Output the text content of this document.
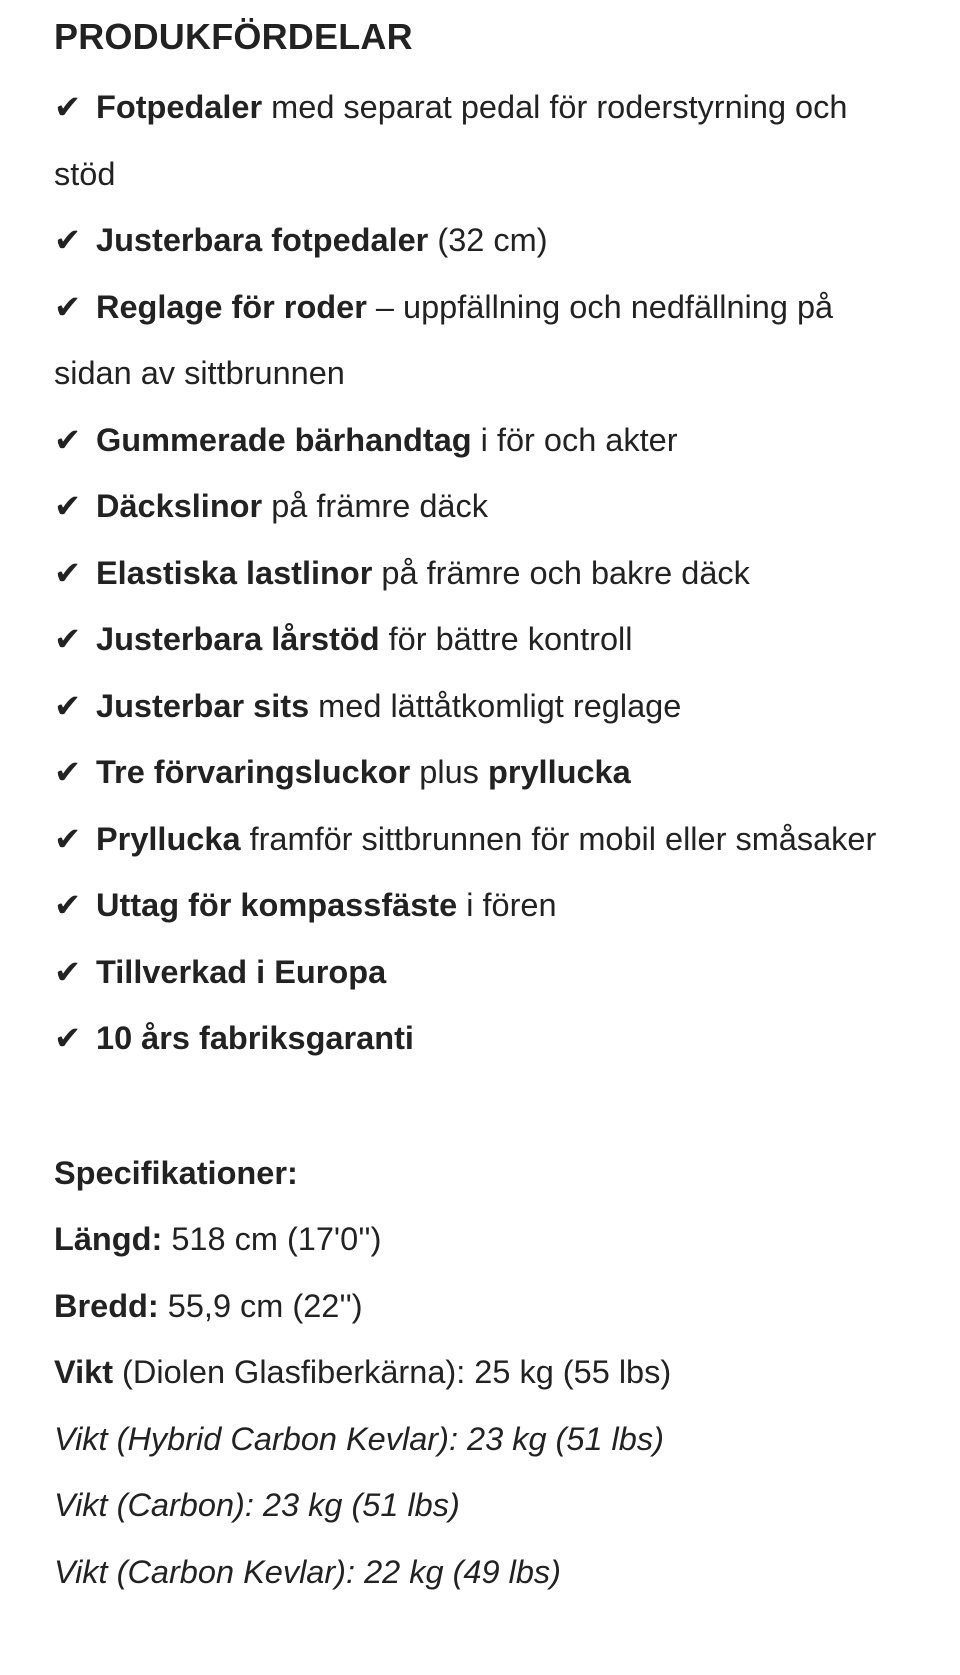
PRODUKFÖRDELAR
✔ Fotpedaler med separat pedal för roderstyrning och stöd
✔ Justerbara fotpedaler (32 cm)
✔ Reglage för roder – uppfällning och nedfällning på sidan av sittbrunnen
✔ Gummerade bärhandtag i för och akter
✔ Däckslinor på främre däck
✔ Elastiska lastlinor på främre och bakre däck
✔ Justerbara lårstöd för bättre kontroll
✔ Justerbar sits med lättåtkomligt reglage
✔ Tre förvaringsluckor plus pryllucka
✔ Pryllucka framför sittbrunnen för mobil eller småsaker
✔ Uttag för kompassfäste i fören
✔ Tillverkad i Europa
✔ 10 års fabriksgaranti

Specifikationer:

Längd: 518 cm (17'0'')

Bredd: 55,9 cm (22'')

Vikt (Diolen Glasfiberkärna): 25 kg (55 lbs)

Vikt (Hybrid Carbon Kevlar): 23 kg (51 lbs)

Vikt (Carbon): 23 kg (51 lbs)

Vikt (Carbon Kevlar): 22 kg (49 lbs)
